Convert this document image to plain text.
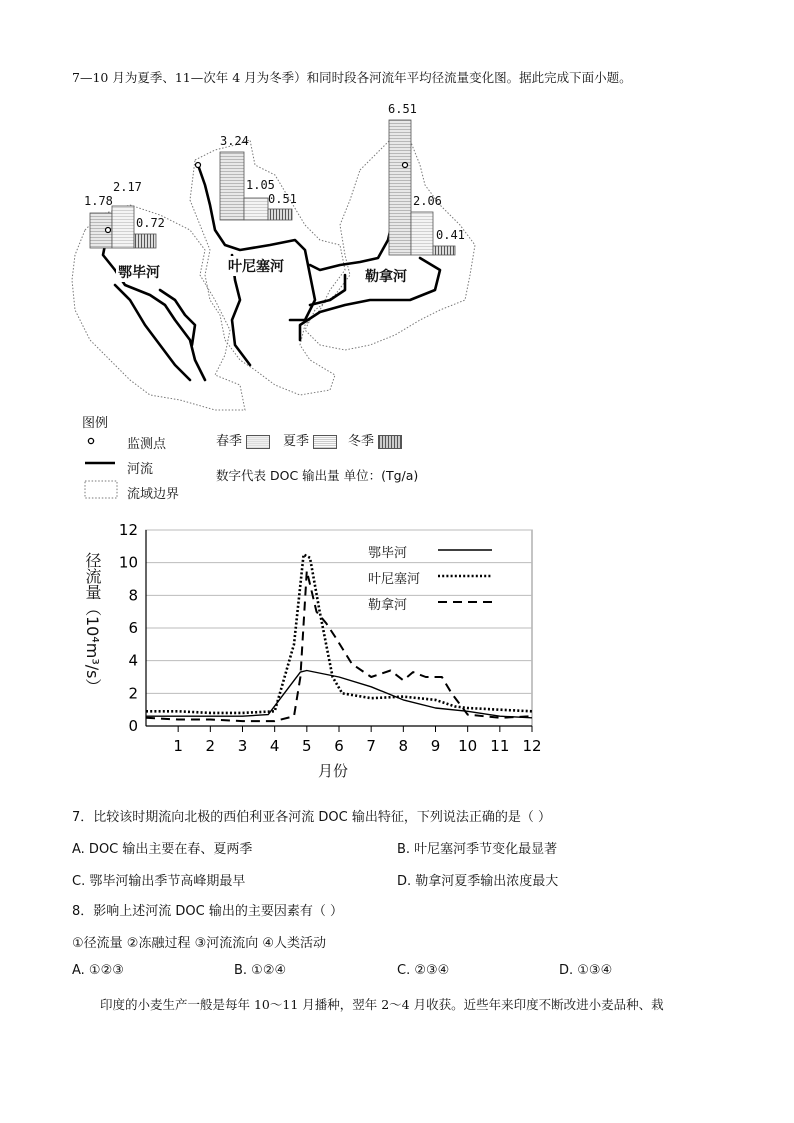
7—10 月为夏季、11—次年 4 月为冬季）和同时段各河流年平均径流量变化图。据此完成下面小题。
1.78
2.17
0.72
3.24
1.05
0.51
6.51
2.06
0.41
鄂毕河	叶尼塞河
勒拿河
图例
监测点
河流
流域边界
春季	夏季	冬季
数字代表 DOC 输出量 单位：(Tg/a)
径流量（10⁴m³/s）
0
2
4
6
8
10
12
1 2 3 4 5 6 7 8 9 10 11 12
月份
鄂毕河
叶尼塞河
勒拿河
7．比较该时期流向北极的西伯利亚各河流 DOC 输出特征，下列说法正确的是（ ）
A. DOC 输出主要在春、夏两季	B. 叶尼塞河季节变化最显著
C. 鄂毕河输出季节高峰期最早	D. 勒拿河夏季输出浓度最大
8．影响上述河流 DOC 输出的主要因素有（ ）
①径流量 ②冻融过程 ③河流流向 ④人类活动
A. ①②③	B. ①②④	C. ②③④	D. ①③④
印度的小麦生产一般是每年 10～11 月播种，翌年 2～4 月收获。近些年来印度不断改进小麦品种、栽
